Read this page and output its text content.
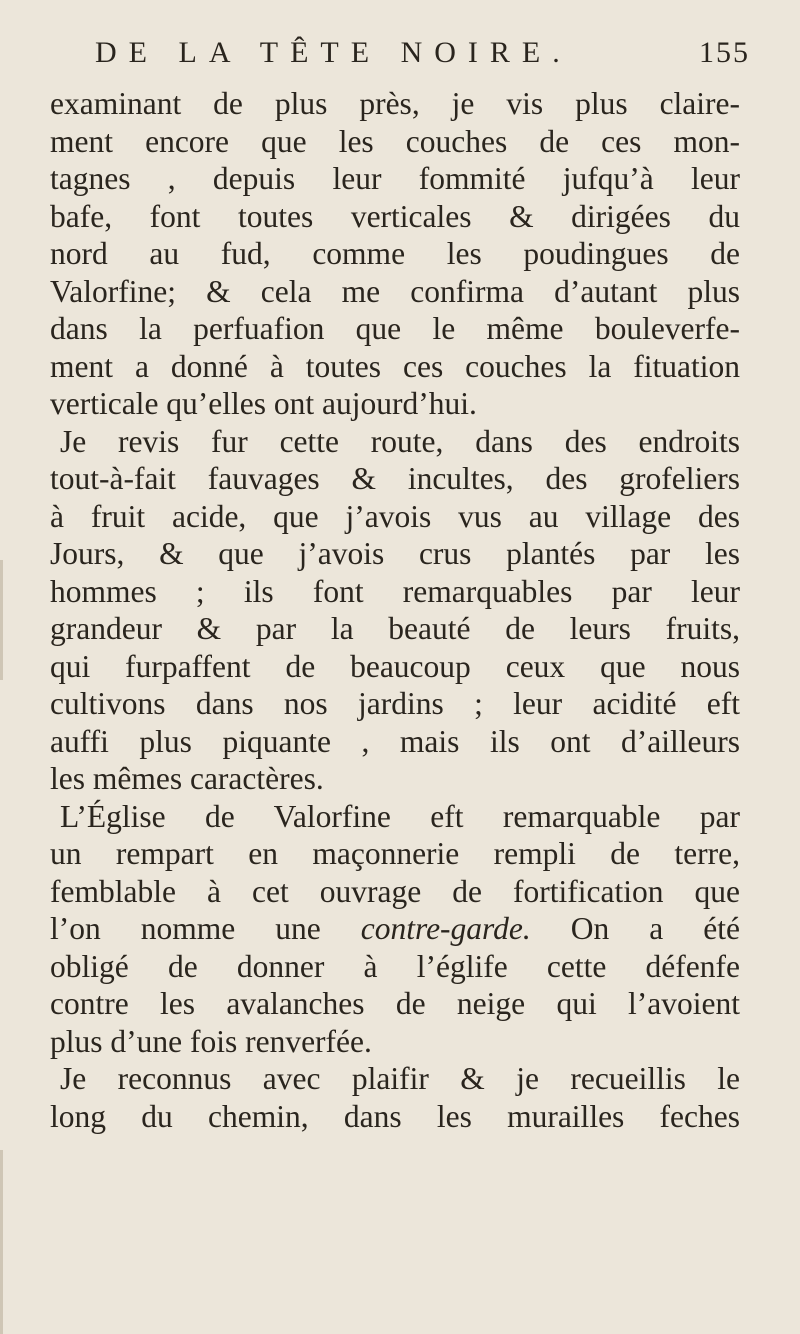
DE LA TÊTE NOIRE.	155
examinant de plus près, je vis plus claire-
ment encore que les couches de ces mon-
tagnes , depuis leur fommité jufqu’à leur
bafe, font toutes verticales & dirigées du
nord au fud, comme les poudingues de
Valorfine; & cela me confirma d’autant plus
dans la perfuafion que le même bouleverfe-
ment a donné à toutes ces couches la fituation
verticale qu’elles ont aujourd’hui.
Je revis fur cette route, dans des endroits
tout-à-fait fauvages & incultes, des grofeliers
à fruit acide, que j’avois vus au village des
Jours, & que j’avois crus plantés par les
hommes ; ils font remarquables par leur
grandeur & par la beauté de leurs fruits,
qui furpaffent de beaucoup ceux que nous
cultivons dans nos jardins ; leur acidité eft
auffi plus piquante , mais ils ont d’ailleurs
les mêmes caractères.
L’Église de Valorfine eft remarquable par
un rempart en maçonnerie rempli de terre,
femblable à cet ouvrage de fortification que
l’on nomme une contre-garde. On a été
obligé de donner à l’églife cette défenfe
contre les avalanches de neige qui l’avoient
plus d’une fois renverfée.
Je reconnus avec plaifir & je recueillis le
long du chemin, dans les murailles feches
